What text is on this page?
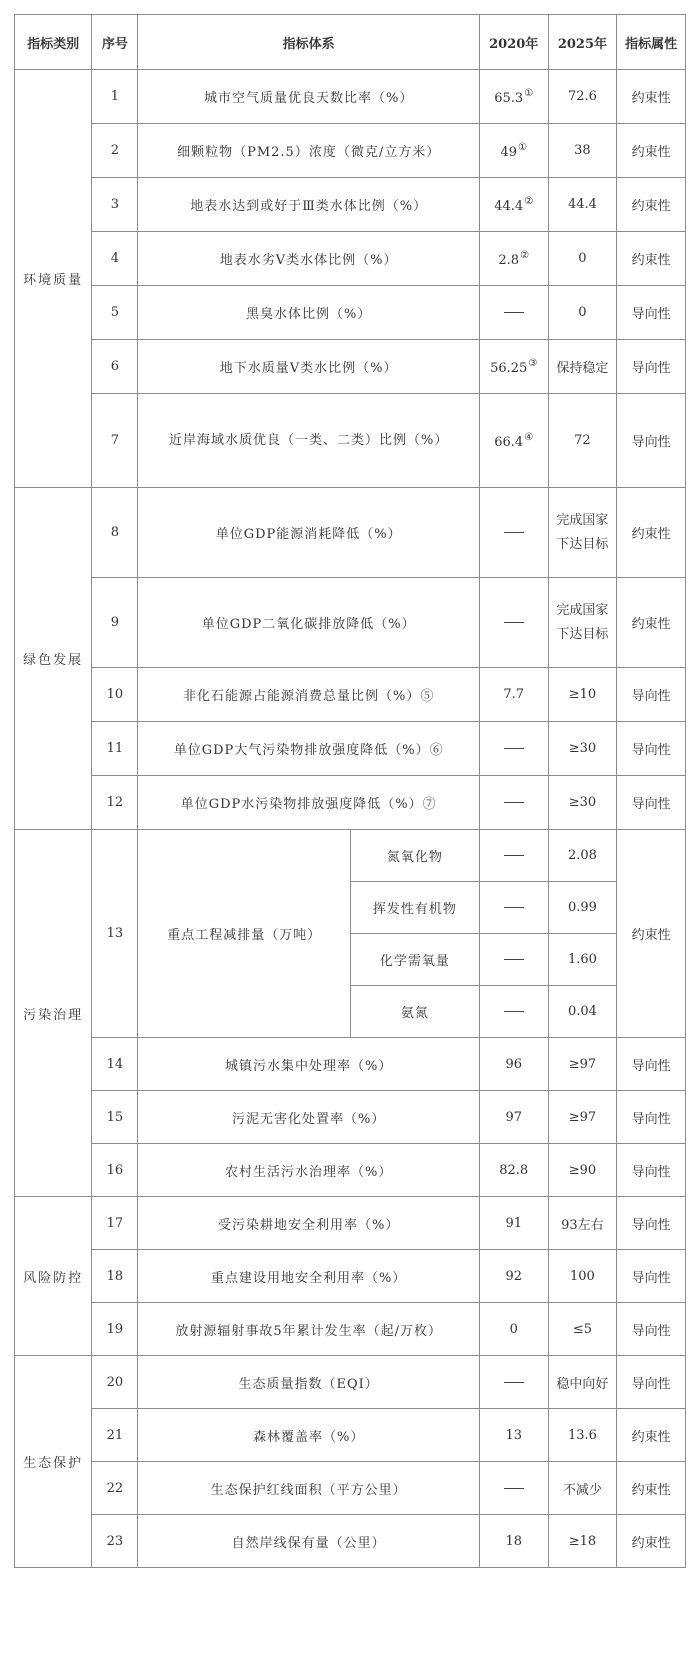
指标类别	序号	指标体系		2020年	2025年	指标属性
环境质量	1	城市空气质量优良天数比率（%）		65.3①	72.6	约束性
	2	细颗粒物（PM2.5）浓度（微克/立方米）		49①	38	约束性
	3	地表水达到或好于Ⅲ类水体比例（%）		44.4②	44.4	约束性
	4	地表水劣Ⅴ类水体比例（%）		2.8②	0	约束性
	5	黑臭水体比例（%）			0	导向性
	6	地下水质量Ⅴ类水比例（%）		56.25③	保持稳定	导向性
	7	近岸海域水质优良（一类、二类）比例（%）		66.4④	72	导向性
绿色发展	8	单位GDP能源消耗降低（%）			完成国家下达目标	约束性
	9	单位GDP二氧化碳排放降低（%）			完成国家下达目标	约束性
	10	非化石能源占能源消费总量比例（%）⑤		7.7	≥10	导向性
	11	单位GDP大气污染物排放强度降低（%）⑥			≥30	导向性
	12	单位GDP水污染物排放强度降低（%）⑦			≥30	导向性
污染治理	13	重点工程减排量（万吨）	氮氧化物		2.08	约束性
			挥发性有机物		0.99	
			化学需氧量		1.60	
			氨氮		0.04	
	14	城镇污水集中处理率（%）		96	≥97	导向性
	15	污泥无害化处置率（%）		97	≥97	导向性
	16	农村生活污水治理率（%）		82.8	≥90	导向性
风险防控	17	受污染耕地安全利用率（%）		91	93左右	导向性
	18	重点建设用地安全利用率（%）		92	100	导向性
	19	放射源辐射事故5年累计发生率（起/万枚）		0	≤5	导向性
生态保护	20	生态质量指数（EQI）			稳中向好	导向性
	21	森林覆盖率（%）		13	13.6	约束性
	22	生态保护红线面积（平方公里）			不减少	约束性
	23	自然岸线保有量（公里）		18	≥18	约束性
